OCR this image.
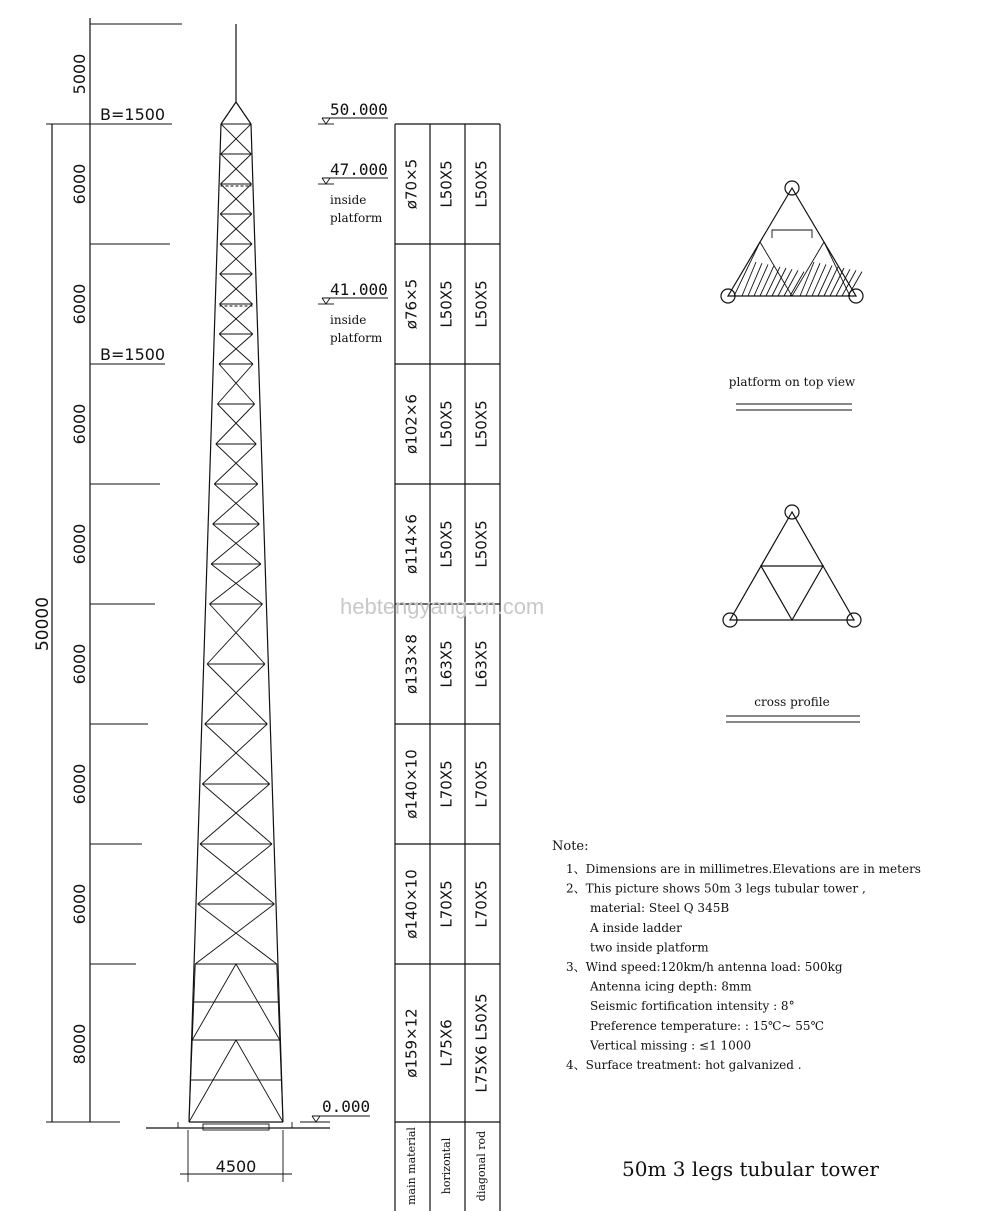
5000
6000
6000
6000
6000
6000
6000
6000
8000
50000
B=1500
B=1500
4500
50.000
47.000
inside
platform
41.000
inside
platform
0.000
ø70×5 L50X5 L50X5
ø76×5 L50X5 L50X5
ø102×6 L50X5 L50X5
ø114×6 L50X5 L50X5
ø133×8 L63X5 L63X5
ø140×10 L70X5 L70X5
ø140×10 L70X5 L70X5
ø159×12 L75X6 L75X6 L50X5
main material horizontal diagonal rod
platform on top view
cross profile
Note:
1、Dimensions are in millimetres.Elevations are in meters
2、This picture shows 50m 3 legs tubular tower ,
material: Steel Q 345B
A inside ladder
two inside platform
3、Wind speed:120km/h antenna load: 500kg
Antenna icing depth: 8mm
Seismic fortification intensity : 8°
Preference temperature: : 15℃~ 55℃
Vertical missing : ≤1 1000
4、Surface treatment: hot galvanized .
50m 3 legs tubular tower
hebtengyang.cn.com
